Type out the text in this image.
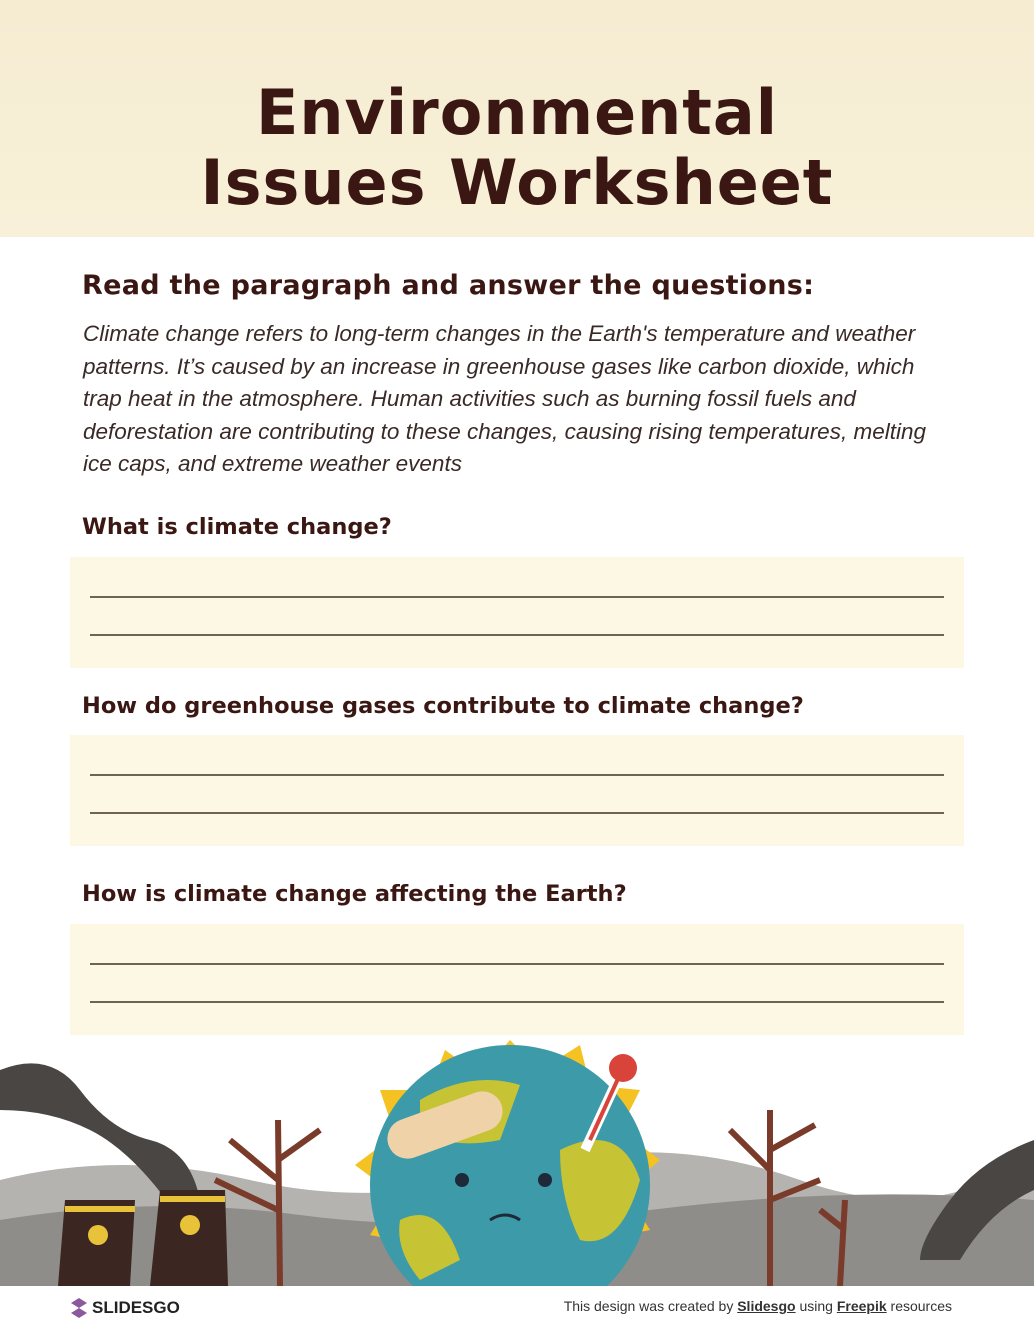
Environmental
Issues Worksheet
Read the paragraph and answer the questions:
Climate change refers to long-term changes in the Earth's temperature and weather patterns. It’s caused by an increase in greenhouse gases like carbon dioxide, which trap heat in the atmosphere. Human activities such as burning fossil fuels and deforestation are contributing to these changes, causing rising temperatures, melting ice caps, and extreme weather events
What is climate change?
How do greenhouse gases contribute to climate change?
How is climate change affecting the Earth?
SLIDESGO	This design was created by Slidesgo using Freepik resources
